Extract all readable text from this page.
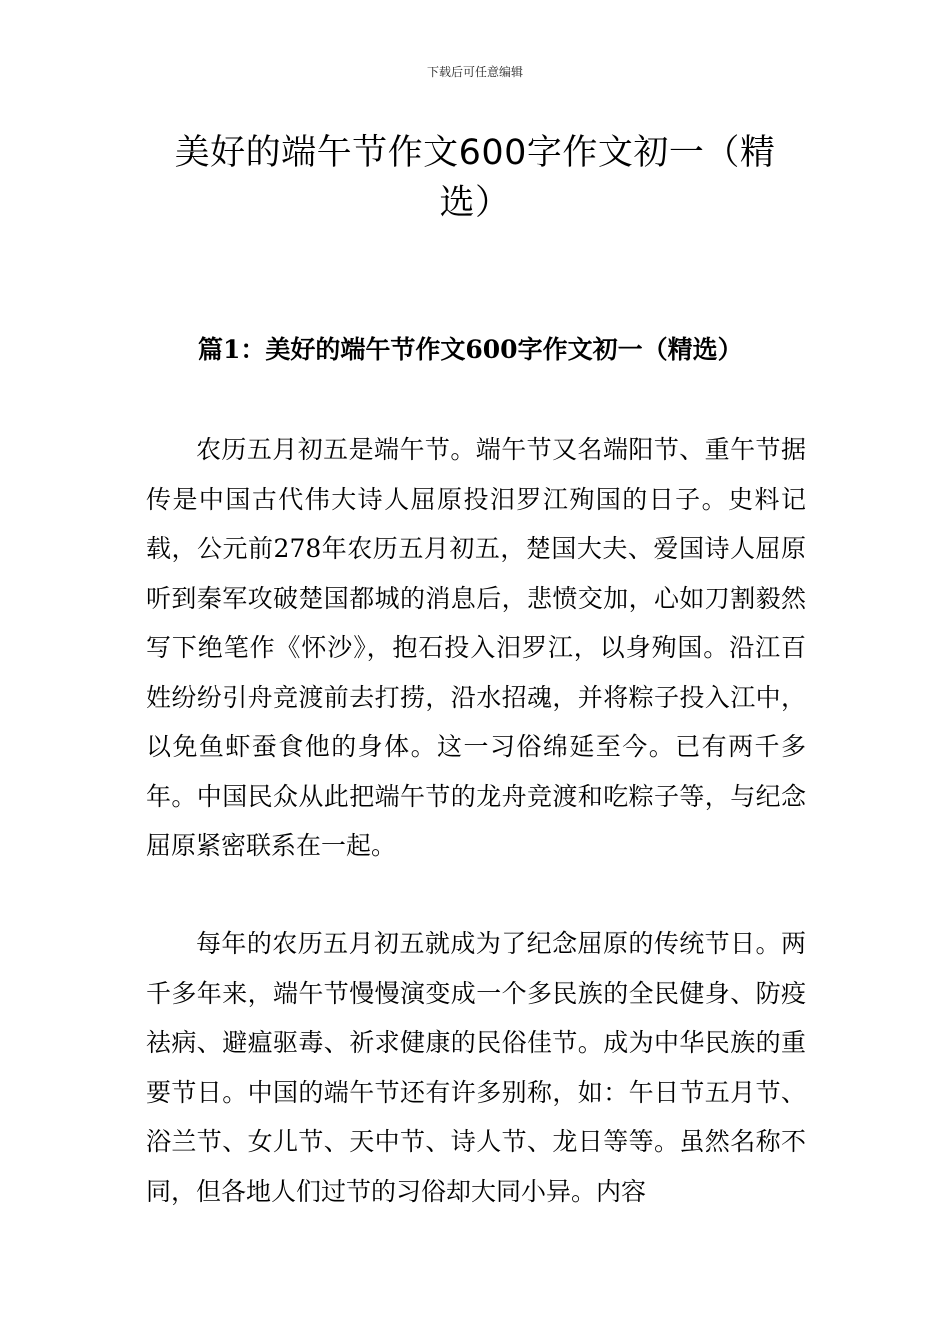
下载后可任意编辑

美好的端午节作文600字作文初一（精选）
篇1：美好的端午节作文600字作文初一（精选）

农历五月初五是端午节。端午节又名端阳节、重午节据传是中国古代伟大诗人屈原投汨罗江殉国的日子。史料记载，公元前278年农历五月初五，楚国大夫、爱国诗人屈原听到秦军攻破楚国都城的消息后，悲愤交加，心如刀割毅然写下绝笔作《怀沙》，抱石投入汨罗江，以身殉国。沿江百姓纷纷引舟竞渡前去打捞，沿水招魂，并将粽子投入江中，以免鱼虾蚕食他的身体。这一习俗绵延至今。已有两千多年。中国民众从此把端午节的龙舟竞渡和吃粽子等，与纪念屈原紧密联系在一起。

每年的农历五月初五就成为了纪念屈原的传统节日。两千多年来，端午节慢慢演变成一个多民族的全民健身、防疫祛病、避瘟驱毒、祈求健康的民俗佳节。成为中华民族的重要节日。中国的端午节还有许多别称，如：午日节五月节、浴兰节、女儿节、天中节、诗人节、龙日等等。虽然名称不同，但各地人们过节的习俗却大同小异。内容
